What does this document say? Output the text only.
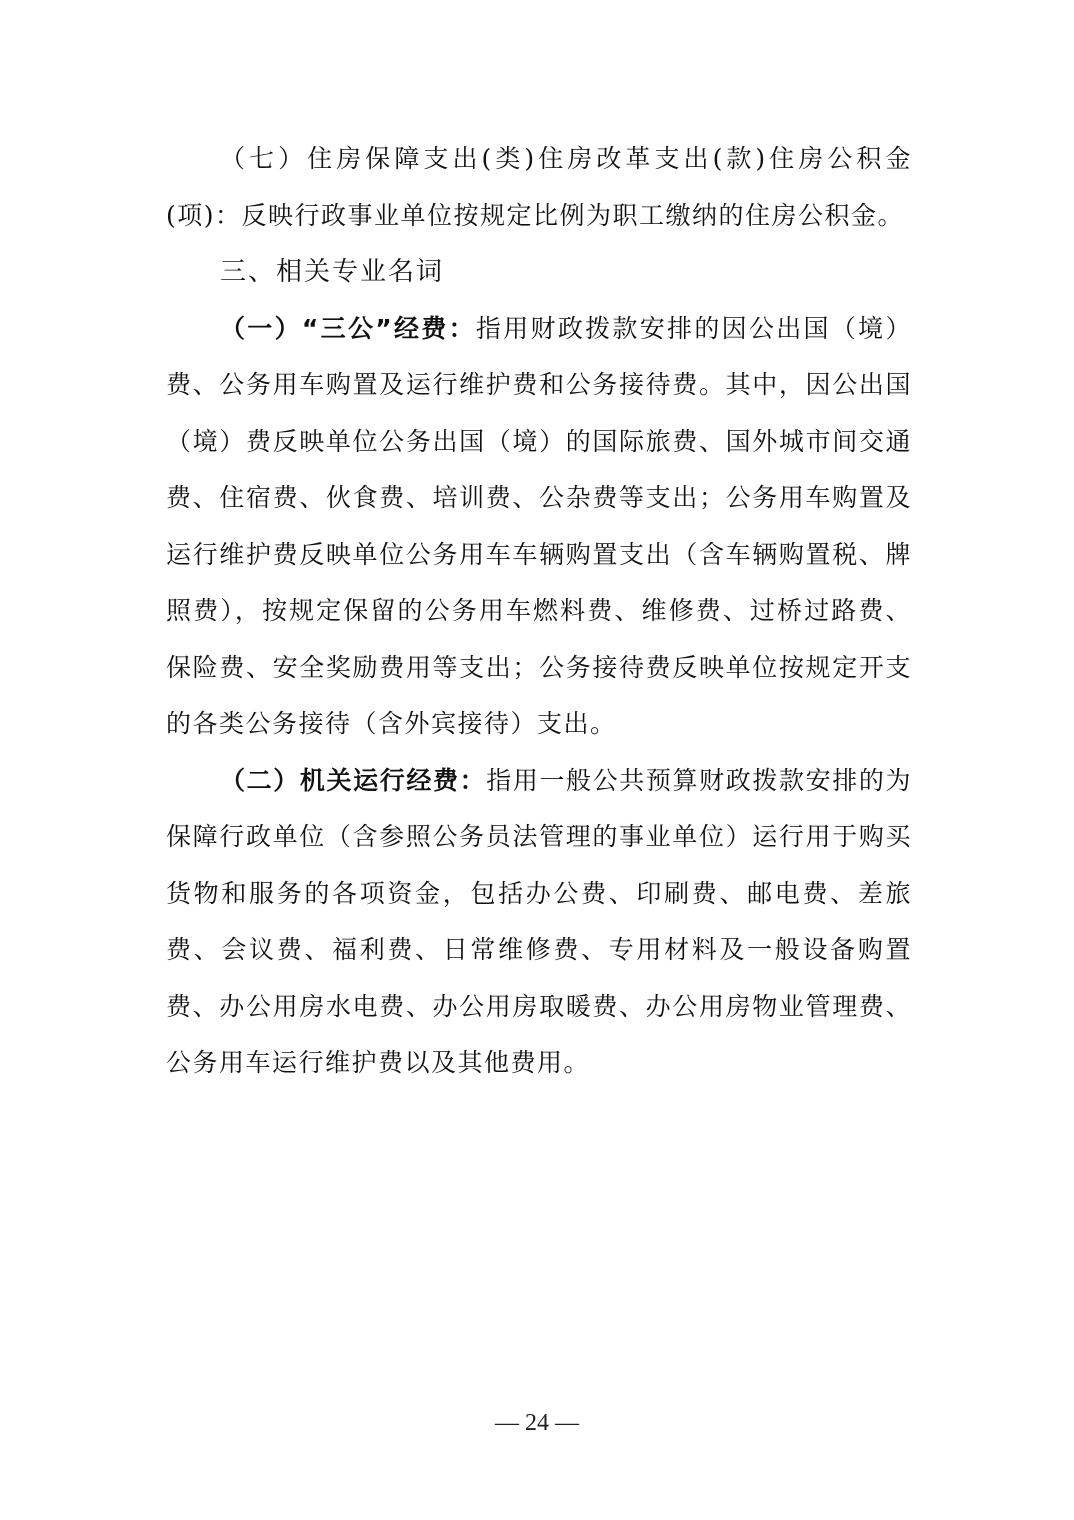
（七）住房保障支出(类)住房改革支出(款)住房公积金(项)：反映行政事业单位按规定比例为职工缴纳的住房公积金。

三、相关专业名词

（一）“三公”经费：指用财政拨款安排的因公出国（境）费、公务用车购置及运行维护费和公务接待费。其中，因公出国（境）费反映单位公务出国（境）的国际旅费、国外城市间交通费、住宿费、伙食费、培训费、公杂费等支出；公务用车购置及运行维护费反映单位公务用车车辆购置支出（含车辆购置税、牌照费），按规定保留的公务用车燃料费、维修费、过桥过路费、保险费、安全奖励费用等支出；公务接待费反映单位按规定开支的各类公务接待（含外宾接待）支出。

（二）机关运行经费：指用一般公共预算财政拨款安排的为保障行政单位（含参照公务员法管理的事业单位）运行用于购买货物和服务的各项资金，包括办公费、印刷费、邮电费、差旅费、会议费、福利费、日常维修费、专用材料及一般设备购置费、办公用房水电费、办公用房取暖费、办公用房物业管理费、公务用车运行维护费以及其他费用。

— 24 —
